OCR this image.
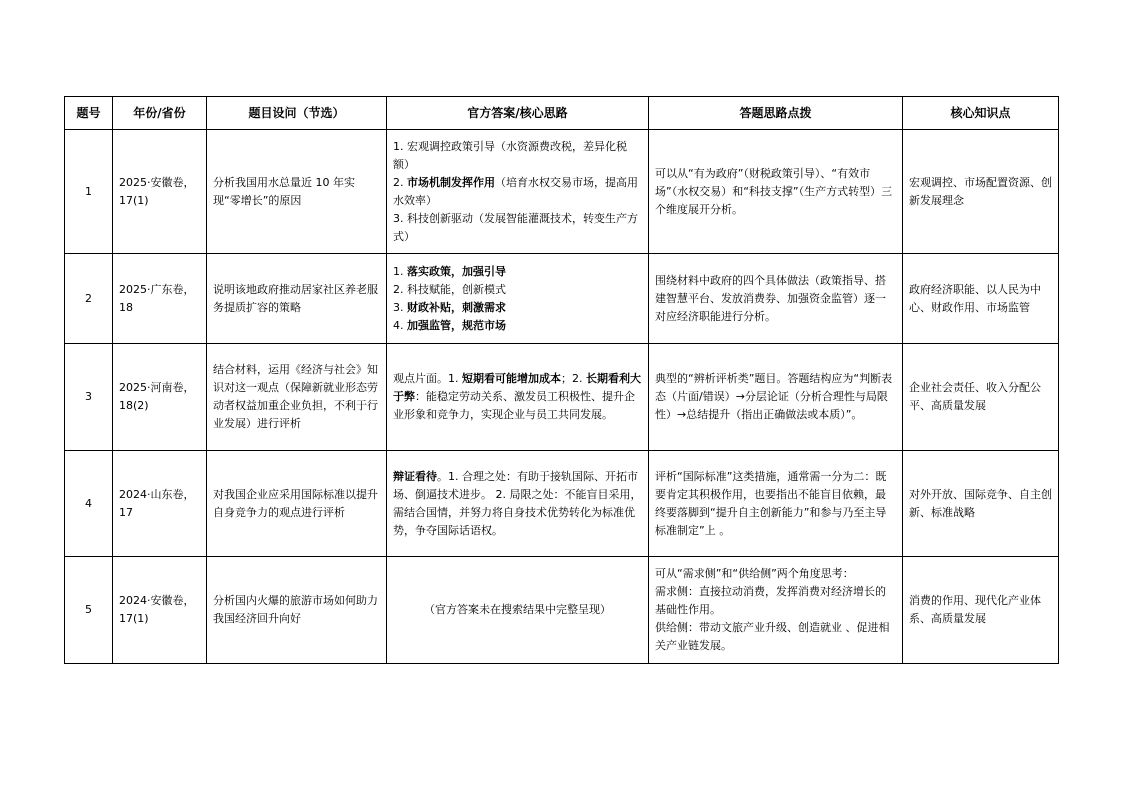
题号	年份/省份	题目设问（节选）	官方答案/核心思路	答题思路点拨	核心知识点
1	2025·安徽卷， 17(1)	分析我国用水总量近 10 年实现“零增长”的原因	1. 宏观调控政策引导（水资源费改税，差异化税额）
2. 市场机制发挥作用（培育水权交易市场，提高用水效率）
3. 科技创新驱动（发展智能灌溉技术，转变生产方式）	可以从“有为政府”（财税政策引导）、“有效市场”（水权交易）和“科技支撑”（生产方式转型）三个维度展开分析。	宏观调控、市场配置资源、创新发展理念
2	2025·广东卷， 18	说明该地政府推动居家社区养老服务提质扩容的策略	1. 落实政策，加强引导
2. 科技赋能，创新模式
3. 财政补贴，刺激需求
4. 加强监管，规范市场	围绕材料中政府的四个具体做法（政策指导、搭建智慧平台、发放消费券、加强资金监管）逐一对应经济职能进行分析。	政府经济职能、以人民为中心、财政作用、市场监管
3	2025·河南卷， 18(2)	结合材料，运用《经济与社会》知识对这一观点（保障新就业形态劳动者权益加重企业负担，不利于行业发展）进行评析	观点片面。1. 短期看可能增加成本；2. 长期看利大于弊：能稳定劳动关系、激发员工积极性、提升企业形象和竞争力，实现企业与员工共同发展。	典型的“辨析评析类”题目。答题结构应为“判断表态（片面/错误）→分层论证（分析合理性与局限性）→总结提升（指出正确做法或本质）”。	企业社会责任、收入分配公平、高质量发展
4	2024·山东卷， 17	对我国企业应采用国际标准以提升自身竞争力的观点进行评析	辩证看待。1. 合理之处：有助于接轨国际、开拓市场、倒逼技术进步。 2. 局限之处：不能盲目采用，需结合国情，并努力将自身技术优势转化为标准优势，争夺国际话语权。	评析“国际标准”这类措施，通常需一分为二：既要肯定其积极作用，也要指出不能盲目依赖，最终要落脚到“提升自主创新能力”和参与乃至主导标准制定”上 。	对外开放、国际竞争、自主创新、标准战略
5	2024·安徽卷， 17(1)	分析国内火爆的旅游市场如何助力我国经济回升向好	（官方答案未在搜索结果中完整呈现）	可从“需求侧”和“供给侧”两个角度思考：
需求侧：直接拉动消费，发挥消费对经济增长的基础性作用。
供给侧：带动文旅产业升级、创造就业 、促进相关产业链发展。	消费的作用、现代化产业体系、高质量发展
